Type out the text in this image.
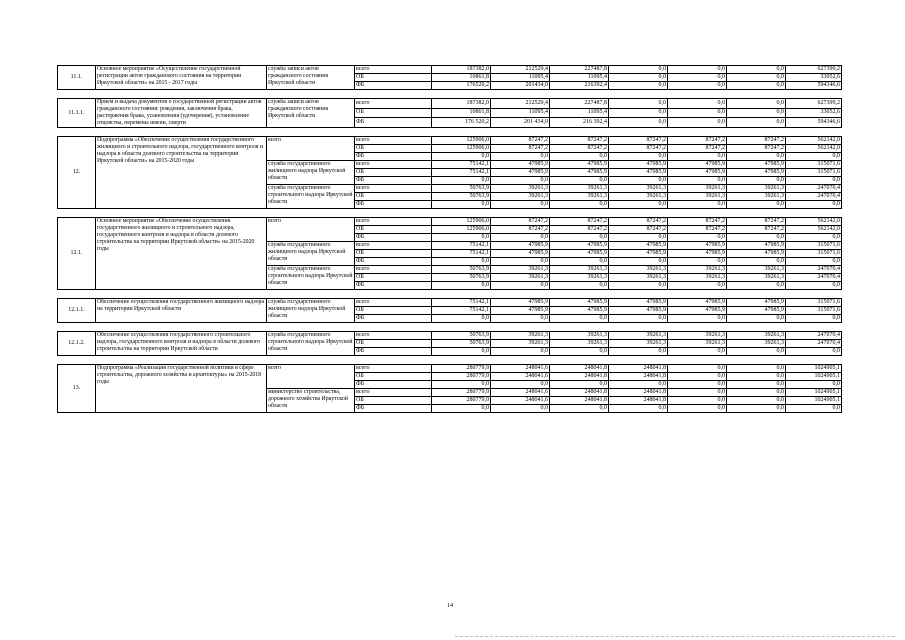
11.1.	Основное мероприятие «Осуществление государственной регистрации актов гражданского состояния на территории Иркутской области» на 2015 - 2017 годы	служба записи актов гражданского состояния Иркутской области	всего	187382,0	212529,4	227487,8	0,0	0,0	0,0	627399,2
			ОБ	10861,8	11095,4	11095,4	0,0	0,0	0,0	33052,6
			ФБ	176520,2	201434,0	216392,4	0,0	0,0	0,0	594346,6

11.1.1.	Прием и выдача документов о государственной регистрации актов гражданского состояния: рождения, заключения брака, расторжения брака, усыновления (удочерения), установление отцовства, перемены имени, смерти	служба записи актов гражданского состояния Иркутской области	всего	187382,0	212529,4	227487,8	0,0	0,0	0,0	627399,2
			ОБ	10861,8	11095,4	11095,4	0,0	0,0	0,0	33052,6
			ФБ	176 520,2	201 434,0	216 392,4	0,0	0,0	0,0	594346,6

12.	Подпрограмма «Обеспечение осуществления государственного жилищного и строительного надзора, государственного контроля и надзора в области долевого строительства на территории Иркутской области» на 2015-2020 годы	всего	всего	125906,0	87247,2	87247,2	87247,2	87247,2	87247,2	562142,0
			ОБ	125906,0	87247,2	87247,2	87247,2	87247,2	87247,2	562142,0
			ФБ	0,0	0,0	0,0	0,0	0,0	0,0	0,0
		служба государственного жилищного надзора Иркутской области	всего	75142,1	47985,9	47985,9	47985,9	47985,9	47985,9	315071,6
			ОБ	75142,1	47985,9	47985,9	47985,9	47985,9	47985,9	315071,6
			ФБ	0,0	0,0	0,0	0,0	0,0	0,0	0,0
		служба государственного строительного надзора Иркутской области	всего	50763,9	39261,3	39261,3	39261,3	39261,3	39261,3	247070,4
			ОБ	50763,9	39261,3	39261,3	39261,3	39261,3	39261,3	247070,4
			ФБ	0,0	0,0	0,0	0,0	0,0	0,0	0,0

12.1.	Основное мероприятие «Обеспечение осуществления государственного жилищного и строительного надзора, государственного контроля и надзора в области долевого строительства на территории Иркутской области» на 2015-2020 годы	всего	всего	125906,0	87247,2	87247,2	87247,2	87247,2	87247,2	562142,0
			ОБ	125906,0	87247,2	87247,2	87247,2	87247,2	87247,2	562142,0
			ФБ	0,0	0,0	0,0	0,0	0,0	0,0	0,0
		служба государственного жилищного надзора Иркутской области	всего	75142,1	47985,9	47985,9	47985,9	47985,9	47985,9	315071,6
			ОБ	75142,1	47985,9	47985,9	47985,9	47985,9	47985,9	315071,6
			ФБ	0,0	0,0	0,0	0,0	0,0	0,0	0,0
		служба государственного строительного надзора Иркутской области	всего	50763,9	39261,3	39261,3	39261,3	39261,3	39261,3	247070,4
			ОБ	50763,9	39261,3	39261,3	39261,3	39261,3	39261,3	247070,4
			ФБ	0,0	0,0	0,0	0,0	0,0	0,0	0,0

12.1.1.	Обеспечение осуществления государственного жилищного надзора на территории Иркутской области	служба государственного жилищного надзора Иркутской области	всего	75142,1	47985,9	47985,9	47985,9	47985,9	47985,9	315071,6
			ОБ	75142,1	47985,9	47985,9	47985,9	47985,9	47985,9	315071,6
			ФБ	0,0	0,0	0,0	0,0	0,0	0,0	0,0

12.1.2.	Обеспечение осуществления государственного строительного надзора, государственного контроля и надзора в области долевого строительства на территории Иркутской области	служба государственного строительного надзора Иркутской области	всего	50763,9	39261,3	39261,3	39261,3	39261,3	39261,3	247070,4
			ОБ	50763,9	39261,3	39261,3	39261,3	39261,3	39261,3	247070,4
			ФБ	0,0	0,0	0,0	0,0	0,0	0,0	0,0

13.	Подпрограмма «Реализация государственной политики в сфере строительства, дорожного хозяйства и архитектуры» на 2015-2018 годы	всего	всего	280779,9	248041,6	248041,8	248041,8	0,0	0,0	1024905,1
			ОБ	280779,9	248041,6	248041,8	248041,8	0,0	0,0	1024905,1
			ФБ	0,0	0,0	0,0	0,0	0,0	0,0	0,0
		министерство строительства, дорожного хозяйства Иркутской области	всего	280779,9	248041,6	248041,8	248041,8	0,0	0,0	1024905,1
			ОБ	280779,9	248041,6	248041,8	248041,8	0,0	0,0	1024905,1
			ФБ	0,0	0,0	0,0	0,0	0,0	0,0	0,0
14
